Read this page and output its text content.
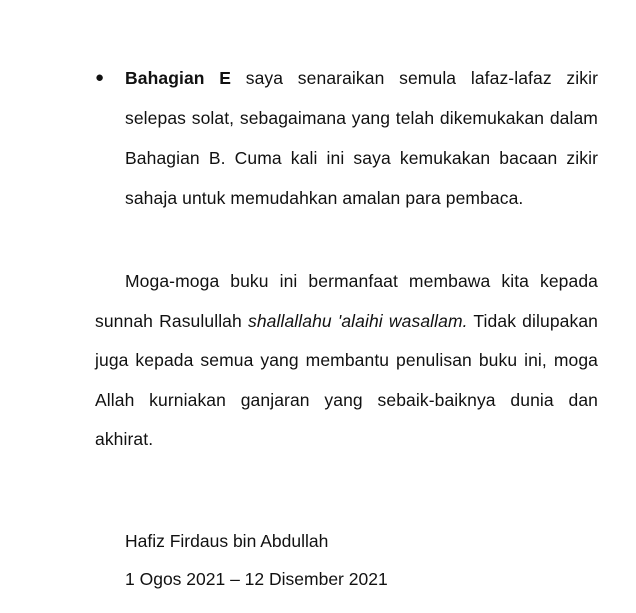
●	Bahagian E saya senaraikan semula lafaz-lafaz zikir selepas solat, sebagaimana yang telah dikemukakan dalam Bahagian B. Cuma kali ini saya kemukakan bacaan zikir sahaja untuk memudahkan amalan para pembaca.

Moga-moga buku ini bermanfaat membawa kita kepada sunnah Rasulullah shallallahu 'alaihi wasallam. Tidak dilupakan juga kepada semua yang membantu penulisan buku ini, moga Allah kurniakan ganjaran yang sebaik-baiknya dunia dan akhirat.

Hafiz Firdaus bin Abdullah

1 Ogos 2021 – 12 Disember 2021
